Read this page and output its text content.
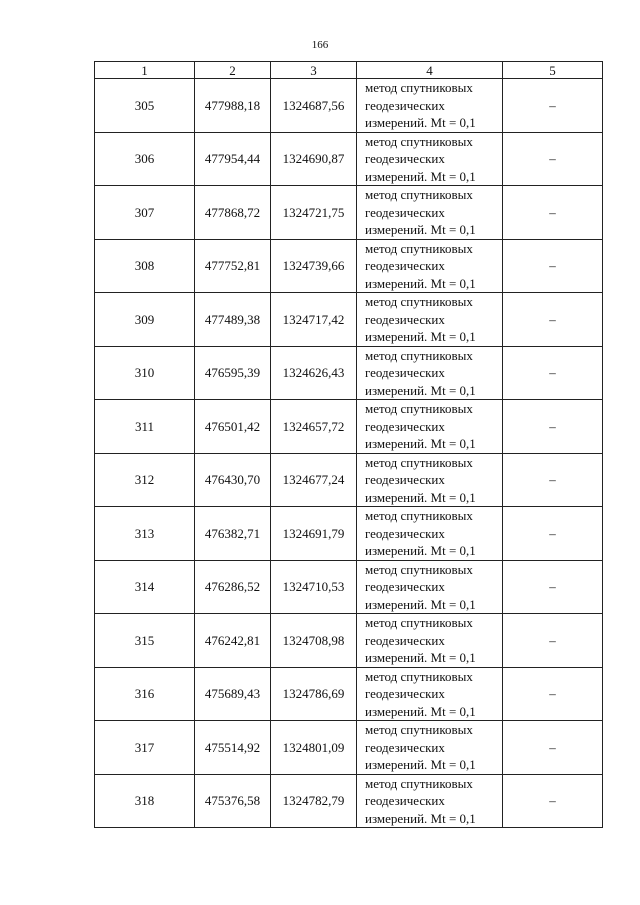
166
1	2	3	4	5
305	477988,18	1324687,56	метод спутниковых
геодезических
измерений. Mt = 0,1	–
306	477954,44	1324690,87	метод спутниковых
геодезических
измерений. Mt = 0,1	–
307	477868,72	1324721,75	метод спутниковых
геодезических
измерений. Mt = 0,1	–
308	477752,81	1324739,66	метод спутниковых
геодезических
измерений. Mt = 0,1	–
309	477489,38	1324717,42	метод спутниковых
геодезических
измерений. Mt = 0,1	–
310	476595,39	1324626,43	метод спутниковых
геодезических
измерений. Mt = 0,1	–
311	476501,42	1324657,72	метод спутниковых
геодезических
измерений. Mt = 0,1	–
312	476430,70	1324677,24	метод спутниковых
геодезических
измерений. Mt = 0,1	–
313	476382,71	1324691,79	метод спутниковых
геодезических
измерений. Mt = 0,1	–
314	476286,52	1324710,53	метод спутниковых
геодезических
измерений. Mt = 0,1	–
315	476242,81	1324708,98	метод спутниковых
геодезических
измерений. Mt = 0,1	–
316	475689,43	1324786,69	метод спутниковых
геодезических
измерений. Mt = 0,1	–
317	475514,92	1324801,09	метод спутниковых
геодезических
измерений. Mt = 0,1	–
318	475376,58	1324782,79	метод спутниковых
геодезических
измерений. Mt = 0,1	–
